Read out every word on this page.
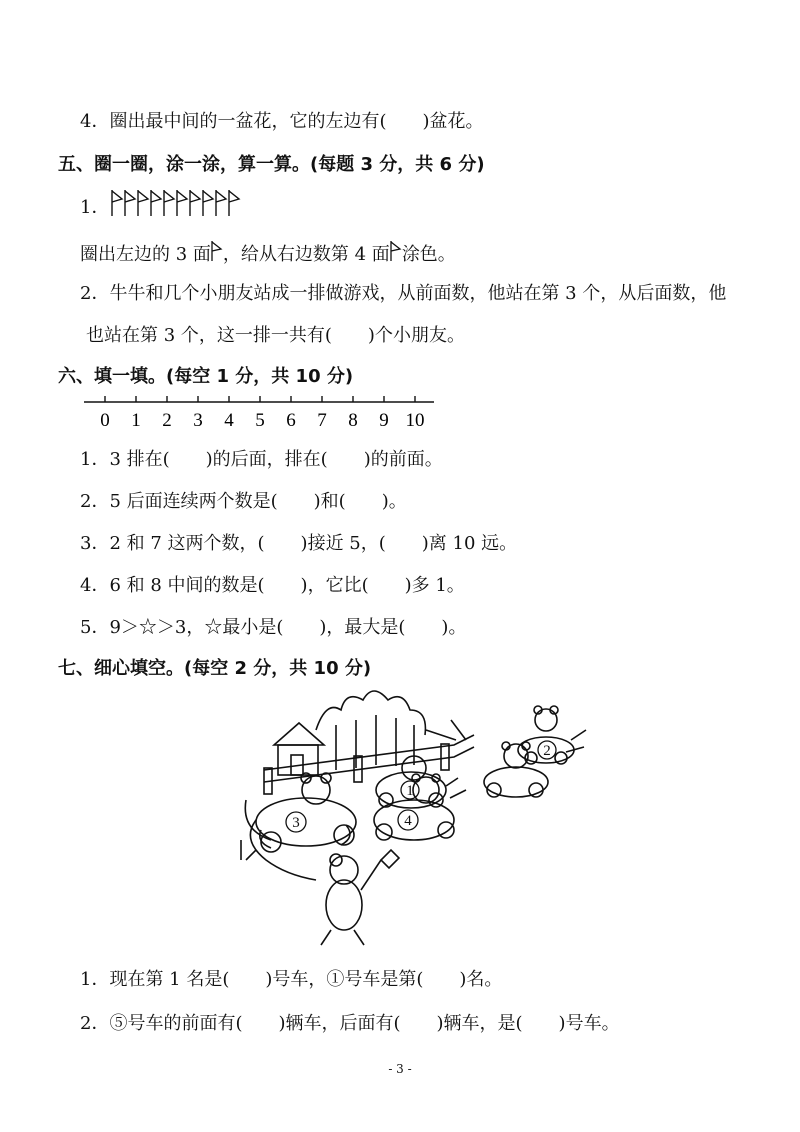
4．圈出最中间的一盆花，它的左边有(　　)盆花。
五、圈一圈，涂一涂，算一算。(每题 3 分，共 6 分)
1．
圈出左边的 3 面 ，给从右边数第 4 面 涂色。
2．牛牛和几个小朋友站成一排做游戏，从前面数，他站在第 3 个，从后面数，他
也站在第 3 个，这一排一共有(　　)个小朋友。
六、填一填。(每空 1 分，共 10 分)
0 1 2 3 4 5 6 7 8 9 10
1．3 排在(　　)的后面，排在(　　)的前面。
2．5 后面连续两个数是(　　)和(　　)。
3．2 和 7 这两个数，(　　)接近 5，(　　)离 10 远。
4．6 和 8 中间的数是(　　)，它比(　　)多 1。
5．9＞☆＞3，☆最小是(　　)，最大是(　　)。
七、细心填空。(每空 2 分，共 10 分)
1
2
3	4
1．现在第 1 名是(　　)号车，①号车是第(　　)名。
2．⑤号车的前面有(　　)辆车，后面有(　　)辆车，是(　　)号车。
- 3 -
